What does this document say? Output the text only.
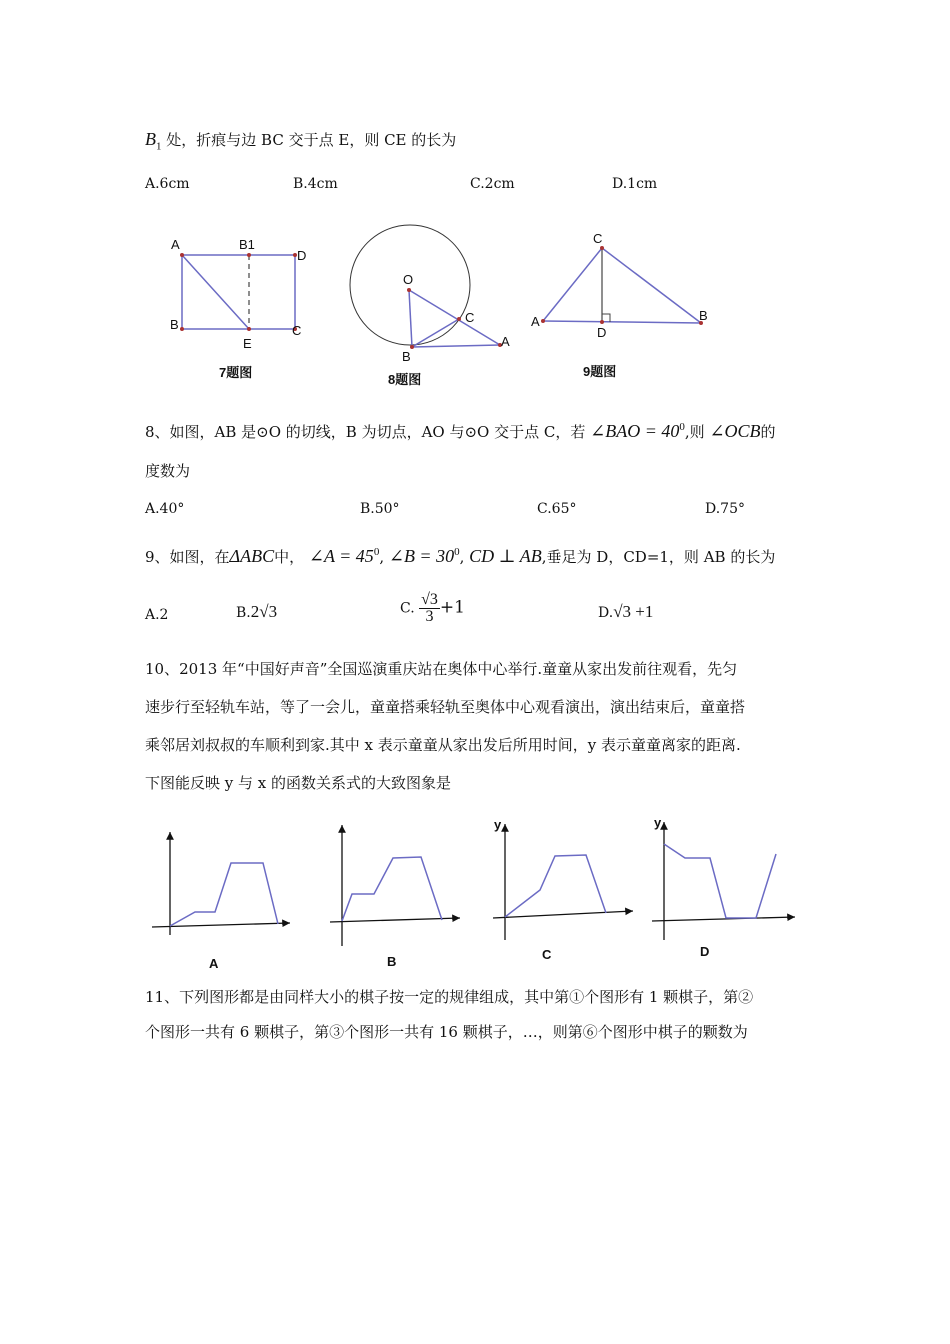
$B_1$ 处，折痕与边 BC 交于点 E，则 CE 的长为
A.6cm	B.4cm	C.2cm	D.1cm
A	B1
D
B
E
C
7题图
O
C
B
A
8题图
C
A
D
B
9题图
8、如图，AB 是⊙O 的切线，B 为切点，AO 与⊙O 交于点 C，若 ∠BAO = $40^0$,则 ∠OCB的
度数为
A.40°	B.50°	C.65°	D.75°
9、如图，在ΔABC中， ∠A = $45^0$, ∠B = $30^0$, CD ⊥ AB,垂足为 D，CD=1，则 AB 的长为
A.2	B.2√3	C. $\frac{√3}{3} +1$	D.√3 +1
10、2013 年“中国好声音”全国巡演重庆站在奥体中心举行.童童从家出发前往观看，先匀
速步行至轻轨车站，等了一会儿，童童搭乘轻轨至奥体中心观看演出，演出结束后，童童搭
乘邻居刘叔叔的车顺利到家.其中 x 表示童童从家出发后所用时间，y 表示童童离家的距离.
下图能反映 y 与 x 的函数关系式的大致图象是
A	B
y
C
y
D
11、下列图形都是由同样大小的棋子按一定的规律组成，其中第①个图形有 1 颗棋子，第②
个图形一共有 6 颗棋子，第③个图形一共有 16 颗棋子，…，则第⑥个图形中棋子的颗数为
